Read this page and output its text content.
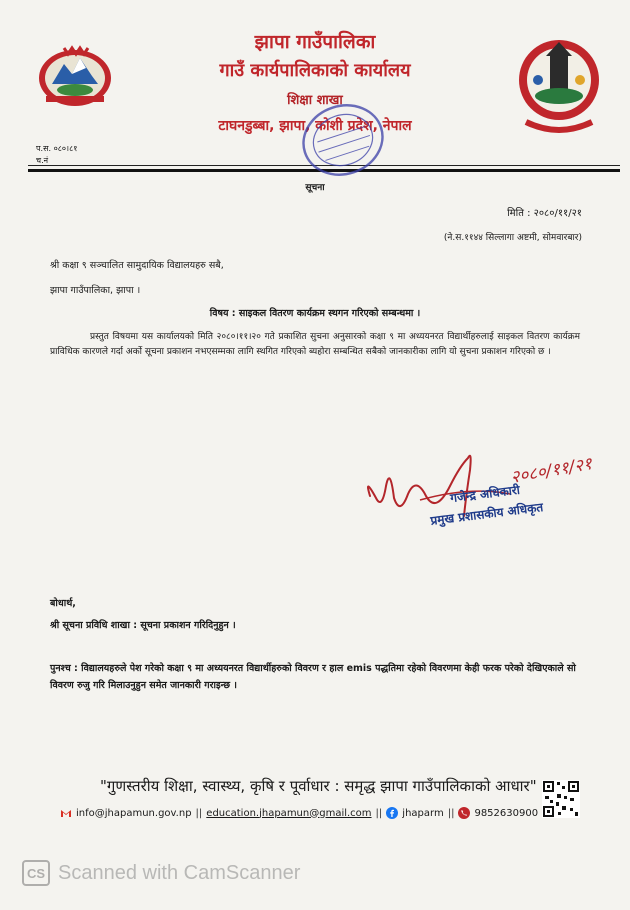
झापा गाउँपालिका
गाउँ कार्यपालिकाको कार्यालय
शिक्षा शाखा
टाघनडुब्बा, झापा, कोशी प्रदेश, नेपाल
प.स. ०८०।८१
च.नं
सूचना
मिति : २०८०/११/२१
(ने.स.११४४ सिल्लागा अष्टमी, सोमवारबार)
श्री कक्षा ९ सञ्चालित सामुदायिक विद्यालयहरु सबै,
झापा गाउँपालिका, झापा ।
विषय : साइकल वितरण कार्यक्रम स्थगन गरिएको सम्बन्धमा ।
प्रस्तुत विषयमा यस कार्यालयको मिति २०८०।११।२० गते प्रकाशित सुचना अनुसारको कक्षा ९ मा अध्ययनरत विद्यार्थीहरुलाई साइकल वितरण कार्यक्रम प्राविधिक कारणले गर्दा अर्को सूचना प्रकाशन नभएसम्मका लागि स्थगित गरिएको ब्यहोरा सम्बन्धित सबैको जानकारीका लागि यो सुचना प्रकाशन गरिएको छ ।
२०८०/११/२१
गजेन्द्र अधिकारी
प्रमुख प्रशासकीय अधिकृत
बोधार्थ,
श्री सूचना प्रविधि शाखा : सूचना प्रकाशन गरिदिनुहुन ।
पुनश्च : विद्यालयहरुले पेश गरेको कक्षा ९ मा अध्ययनरत विद्यार्थीहरुको विवरण र हाल emis पद्धतिमा रहेको विवरणमा केही फरक परेको देखिएकाले सो विवरण रुजु गरि मिलाउनुहुन समेत जानकारी गराइन्छ ।
"गुणस्तरीय शिक्षा, स्वास्थ्य, कृषि र पूर्वाधार : समृद्ध झापा गाउँपालिकाको आधार"
info@jhapamun.gov.np || education.jhapamun@gmail.com || jhaparm || 9852630900
CS Scanned with CamScanner
